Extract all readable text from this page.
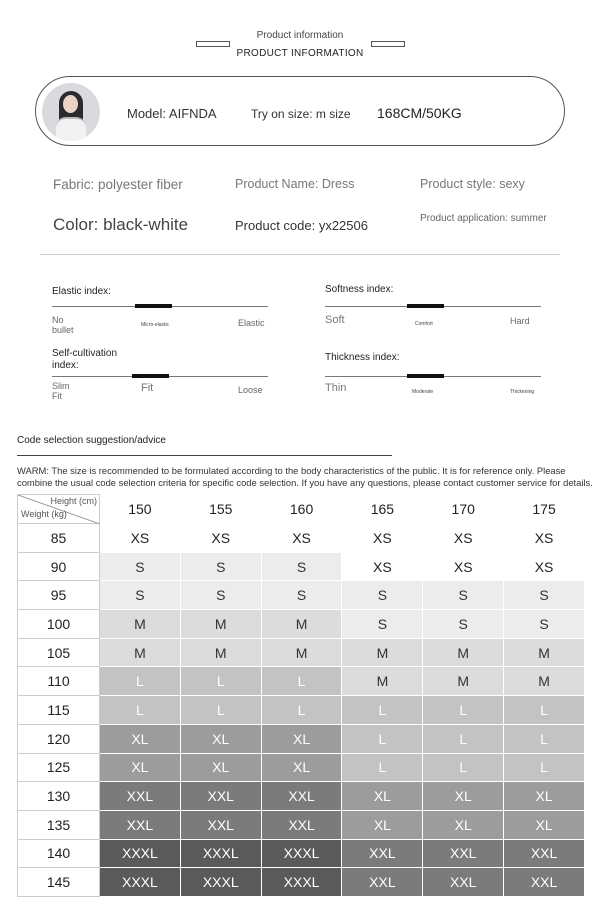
Product information
PRODUCT INFORMATION
Model: AIFNDA	Try on size: m size 168CM/50KG
Fabric: polyester fiber	Product Name: Dress	Product style: sexy
Color: black-white	Product code: yx22506	Product application: summer
Elastic index:
No bullet	Micro-elastic	Elastic
Softness index:
Soft	Comfort	Hard
Self-cultivation index:
Slim Fit
Fit	Loose
Thickness index:
Thin	Moderate	Thickening
Code selection suggestion/advice
WARM: The size is recommended to be formulated according to the body characteristics of the public. It is for reference only. Please combine the usual code selection criteria for specific code selection. If you have any questions, please contact customer service for details.
Height (cm)
Weight (kg)	150	155	160	165	170	175
85	XS	XS	XS	XS	XS	XS
90	S	S	S	XS	XS	XS
95	S	S	S	S	S	S
100	M	M	M	S	S	S
105	M	M	M	M	M	M
110	L	L	L	M	M	M
115	L	L	L	L	L	L
120	XL	XL	XL	L	L	L
125	XL	XL	XL	L	L	L
130	XXL	XXL	XXL	XL	XL	XL
135	XXL	XXL	XXL	XL	XL	XL
140	XXXL	XXXL	XXXL	XXL	XXL	XXL
145	XXXL	XXXL	XXXL	XXL	XXL	XXL
